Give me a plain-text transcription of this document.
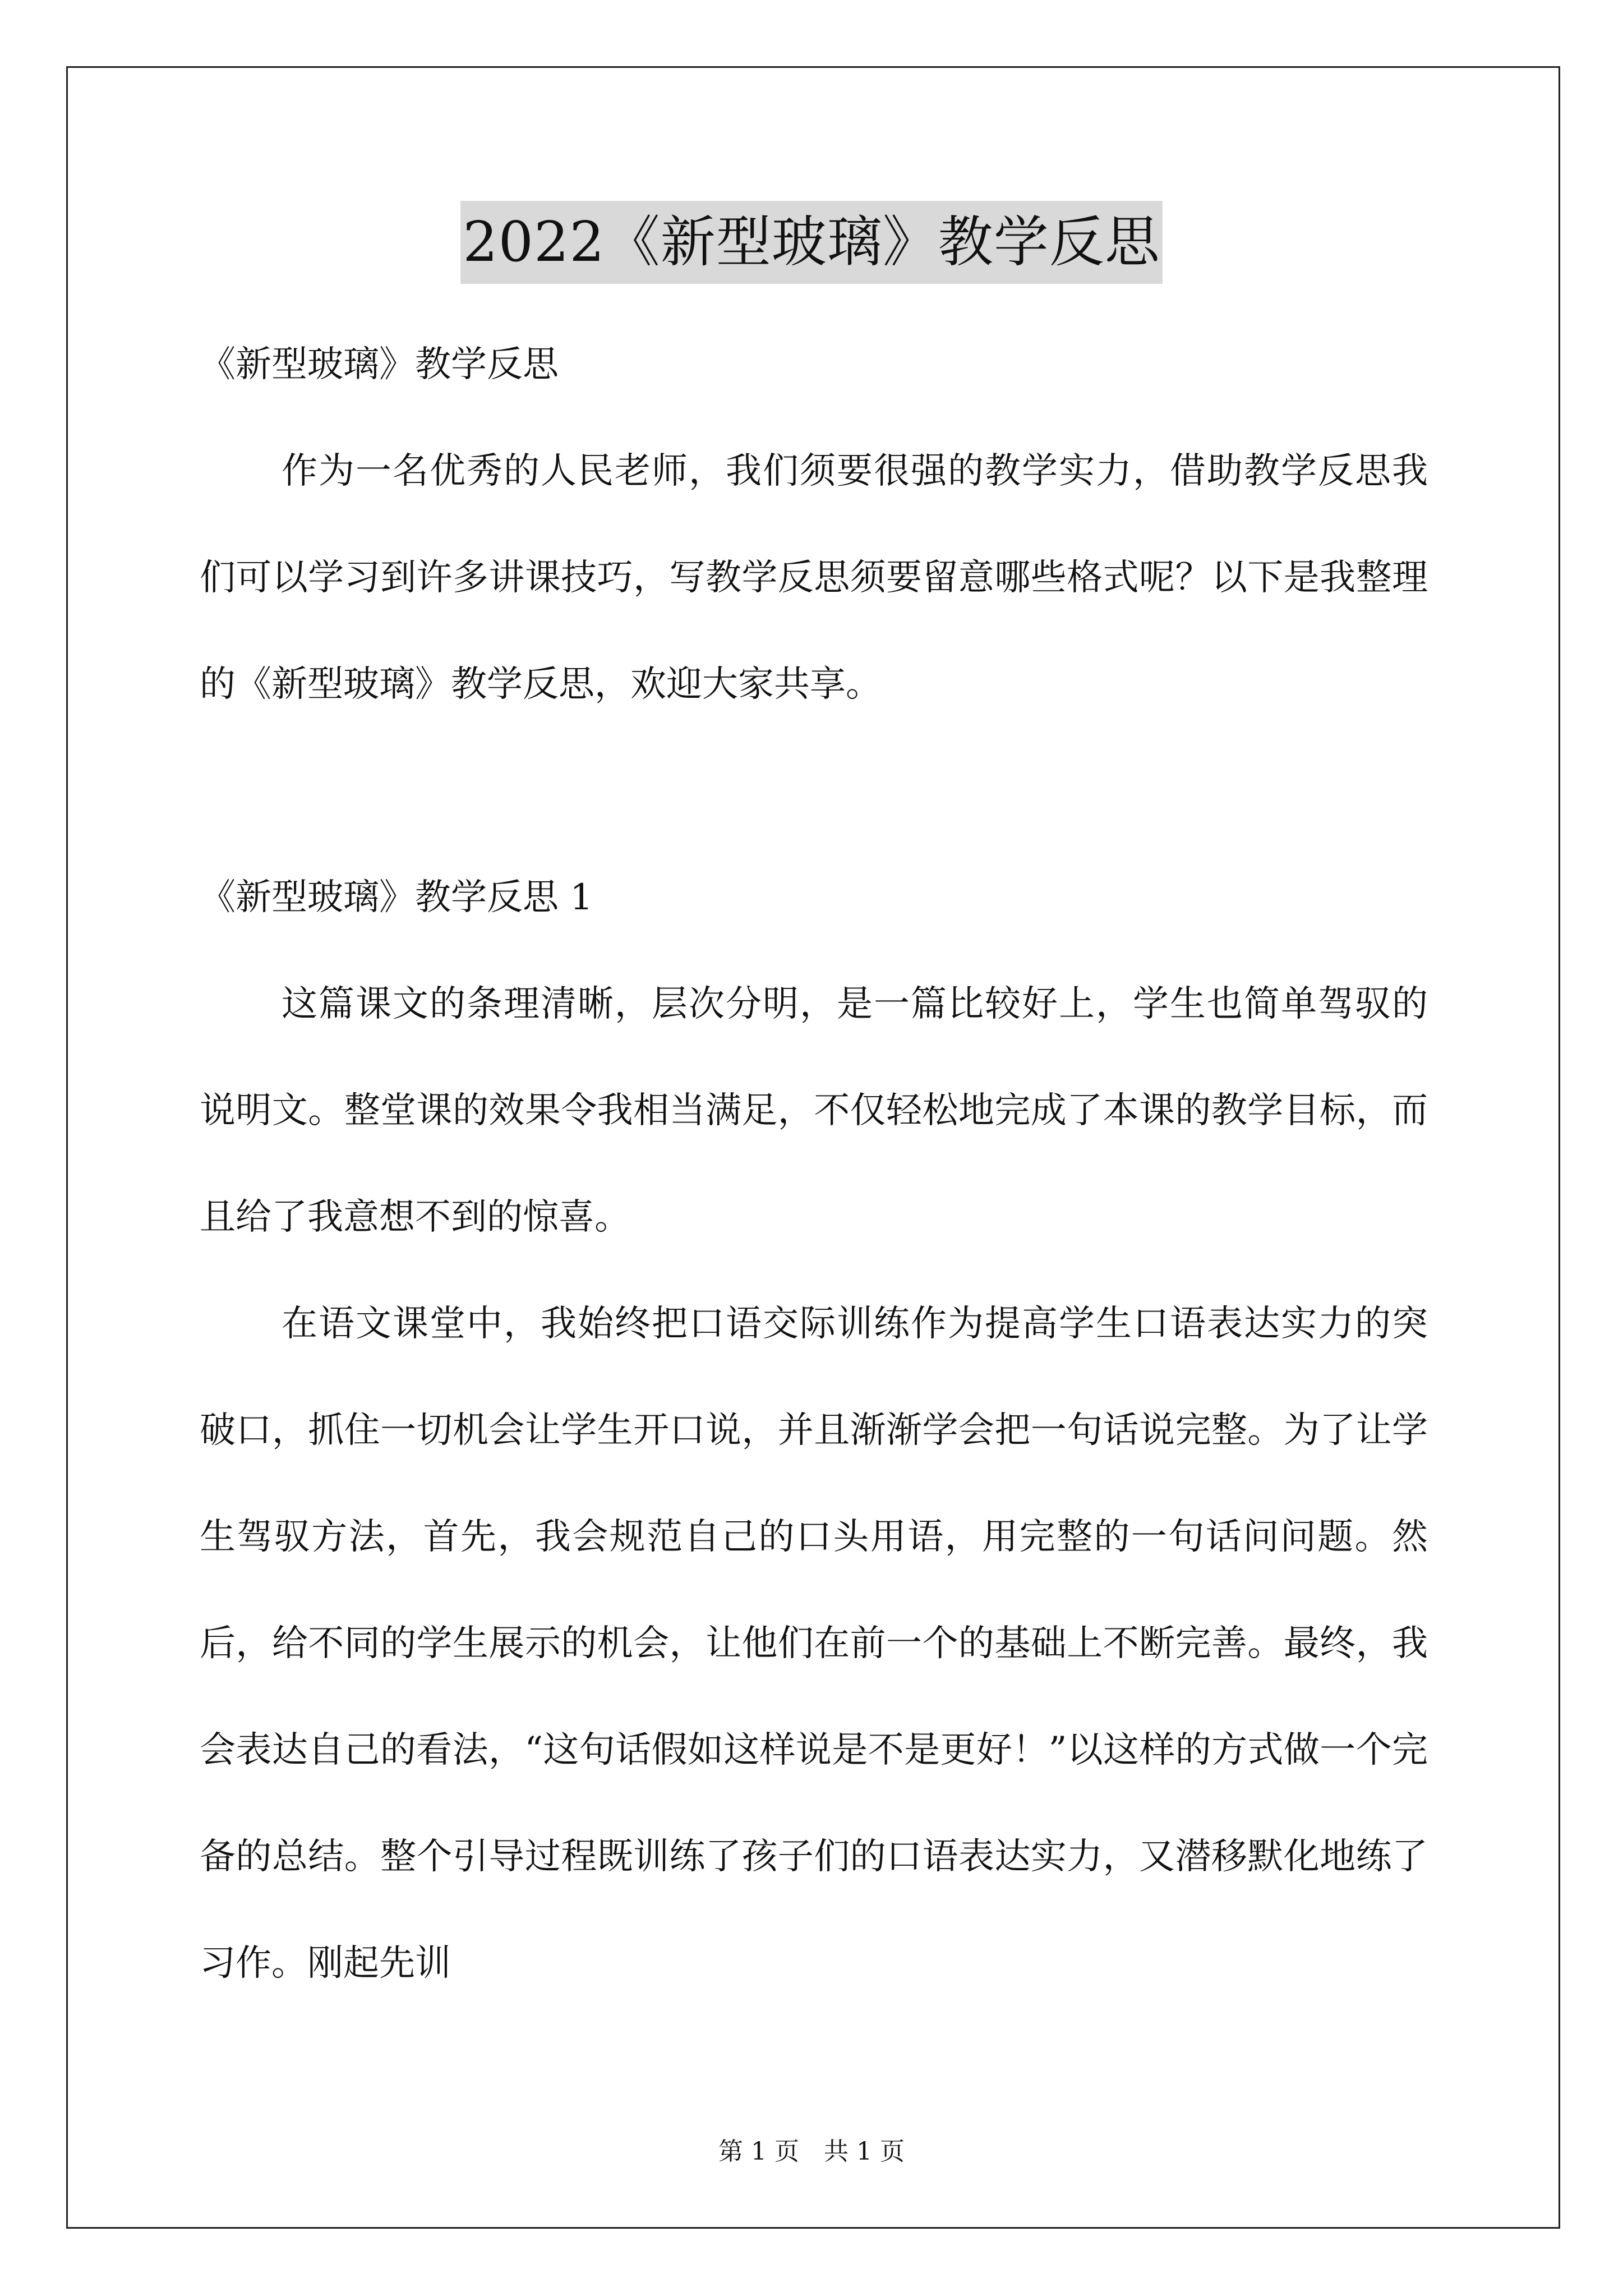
2022《新型玻璃》教学反思

《新型玻璃》教学反思

作为一名优秀的人民老师，我们须要很强的教学实力，借助教学反思我们可以学习到许多讲课技巧，写教学反思须要留意哪些格式呢？以下是我整理的《新型玻璃》教学反思，欢迎大家共享。

《新型玻璃》教学反思 1

这篇课文的条理清晰，层次分明，是一篇比较好上，学生也简单驾驭的说明文。整堂课的效果令我相当满足，不仅轻松地完成了本课的教学目标，而且给了我意想不到的惊喜。

在语文课堂中，我始终把口语交际训练作为提高学生口语表达实力的突破口，抓住一切机会让学生开口说，并且渐渐学会把一句话说完整。为了让学生驾驭方法，首先，我会规范自己的口头用语，用完整的一句话问问题。然后，给不同的学生展示的机会，让他们在前一个的基础上不断完善。最终，我会表达自己的看法，“这句话假如这样说是不是更好！”以这样的方式做一个完备的总结。整个引导过程既训练了孩子们的口语表达实力，又潜移默化地练了习作。刚起先训

第 1 页　共 1 页
